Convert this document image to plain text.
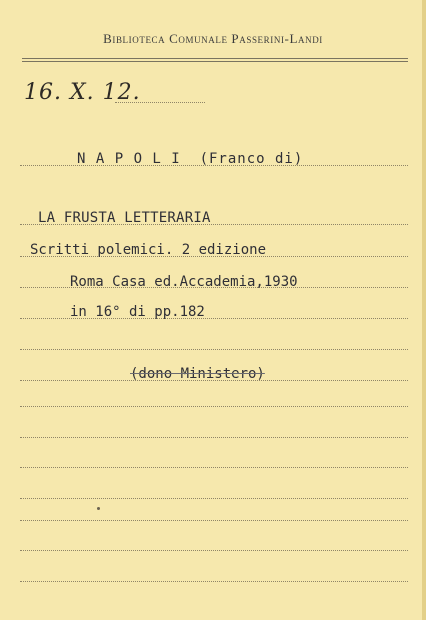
Biblioteca Comunale Passerini-Landi
16. X. 12.
N A P O L I  (Franco di)
LA FRUSTA LETTERARIA
Scritti polemici. 2 edizione
Roma Casa ed.Accademia,1930
in 16° di pp.182
(dono Ministero)
